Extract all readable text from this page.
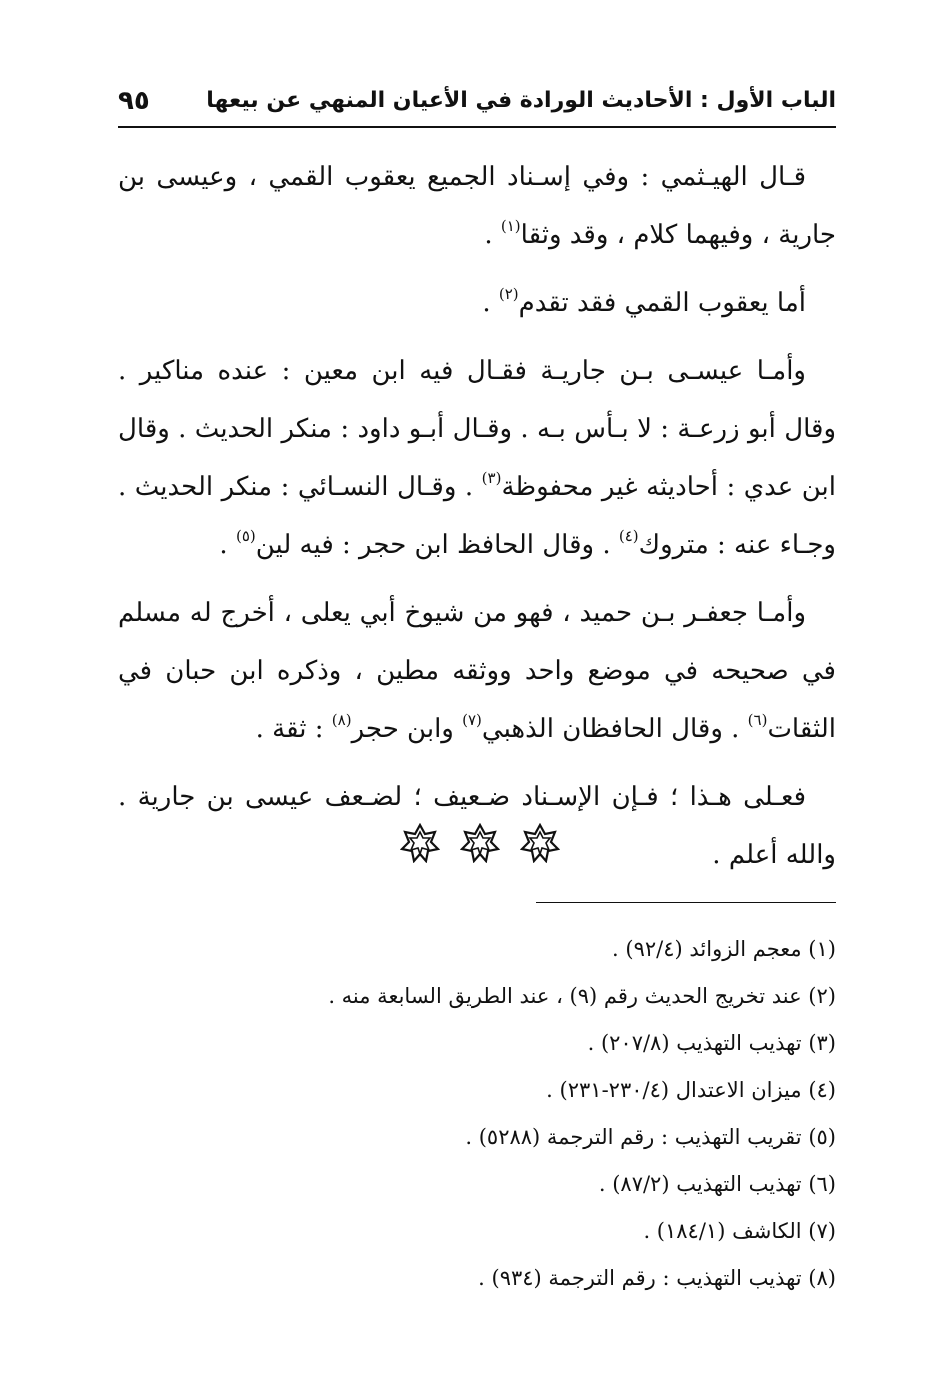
الباب الأول : الأحاديث الورادة في الأعيان المنهي عن بيعها
٩٥

قـال الهيـثمي : وفي إسـناد الجميع يعقوب القمي ، وعيسى بن جارية ، وفيهما كلام ، وقد وثقا$^{(١)}$ .

أما يعقوب القمي فقد تقدم$^{(٢)}$ .

وأمـا عيسـى بـن جاريـة فقـال فيه ابن معين : عنده مناكير . وقال أبو زرعـة : لا بـأس بـه . وقـال أبـو داود : منكر الحديث . وقال ابن عدي : أحاديثه غير محفوظة$^{(٣)}$ . وقـال النسـائي : منكر الحديث . وجـاء عنه : متروك$^{(٤)}$ . وقال الحافظ ابن حجر : فيه لين$^{(٥)}$ .

وأمـا جعفـر بـن حميد ، فهو من شيوخ أبي يعلى ، أخرج له مسلم في صحيحه في موضع واحد ووثقه مطين ، وذكره ابن حبان في الثقات$^{(٦)}$ . وقال الحافظان الذهبي$^{(٧)}$ وابن حجر$^{(٨)}$ : ثقة .

فعـلى هـذا ؛ فـإن الإسـناد ضـعيف ؛ لضـعف عيسى بن جارية . والله أعلم .

(١) معجم الزوائد (٩٢/٤) .
(٢) عند تخريج الحديث رقم (٩) ، عند الطريق السابعة منه .
(٣) تهذيب التهذيب (٢٠٧/٨) .
(٤) ميزان الاعتدال (٢٣٠/٤-٢٣١) .
(٥) تقريب التهذيب : رقم الترجمة (٥٢٨٨) .
(٦) تهذيب التهذيب (٨٧/٢) .
(٧) الكاشف (١٨٤/١) .
(٨) تهذيب التهذيب : رقم الترجمة (٩٣٤) .
